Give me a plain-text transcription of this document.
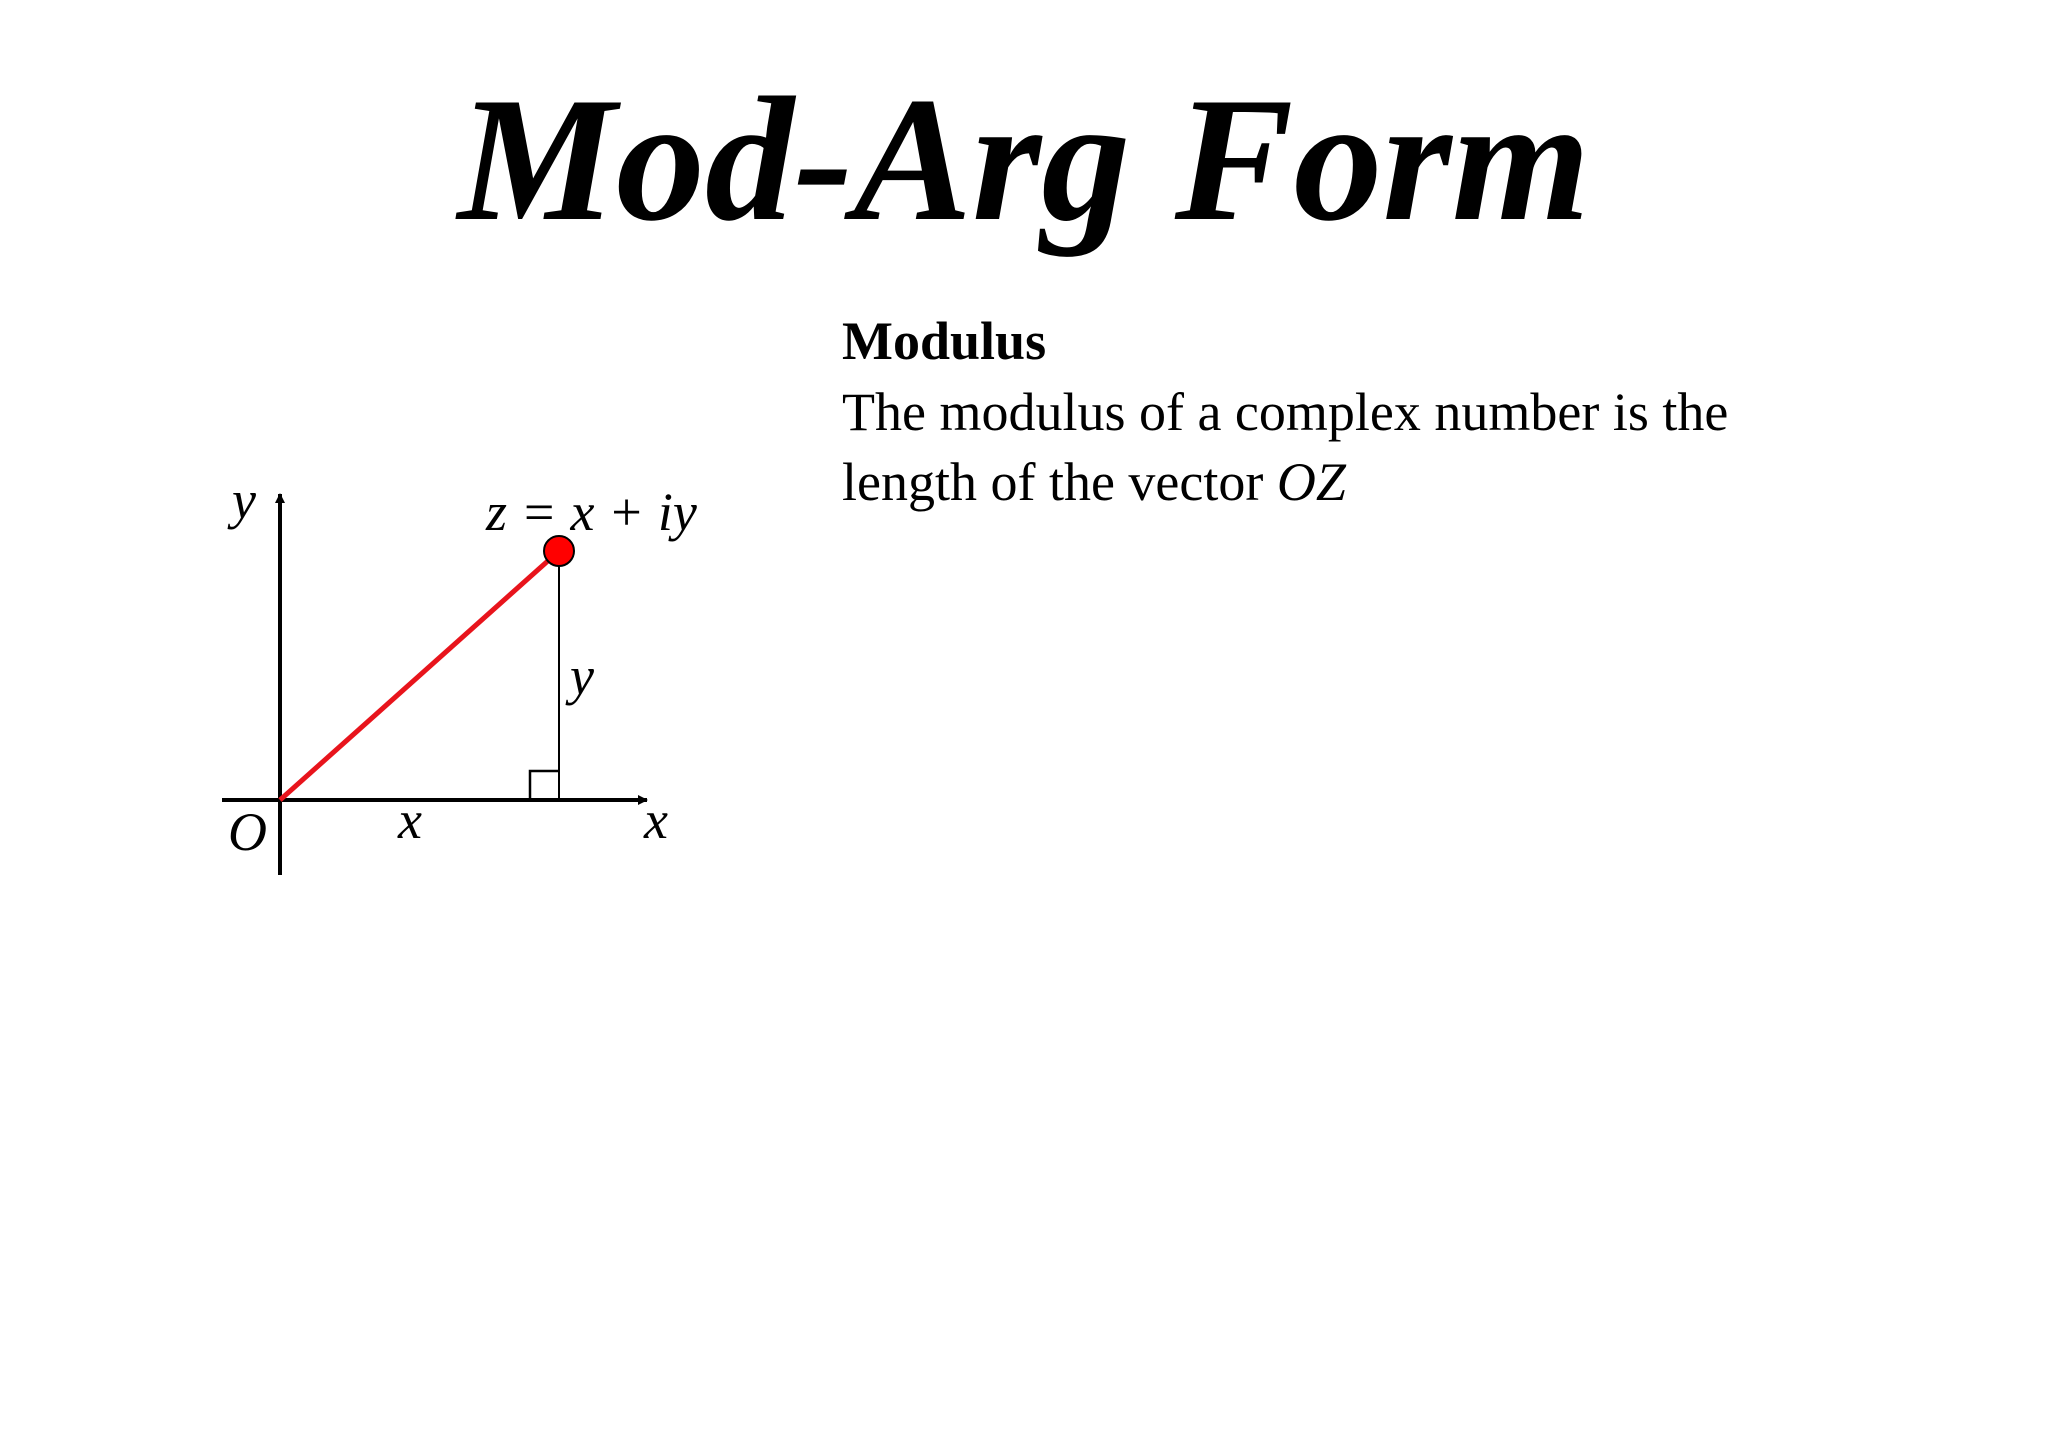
Mod-Arg Form

Modulus

The modulus of a complex number is the

length of the vector OZ

y	z = x + iy
y
O x	x
